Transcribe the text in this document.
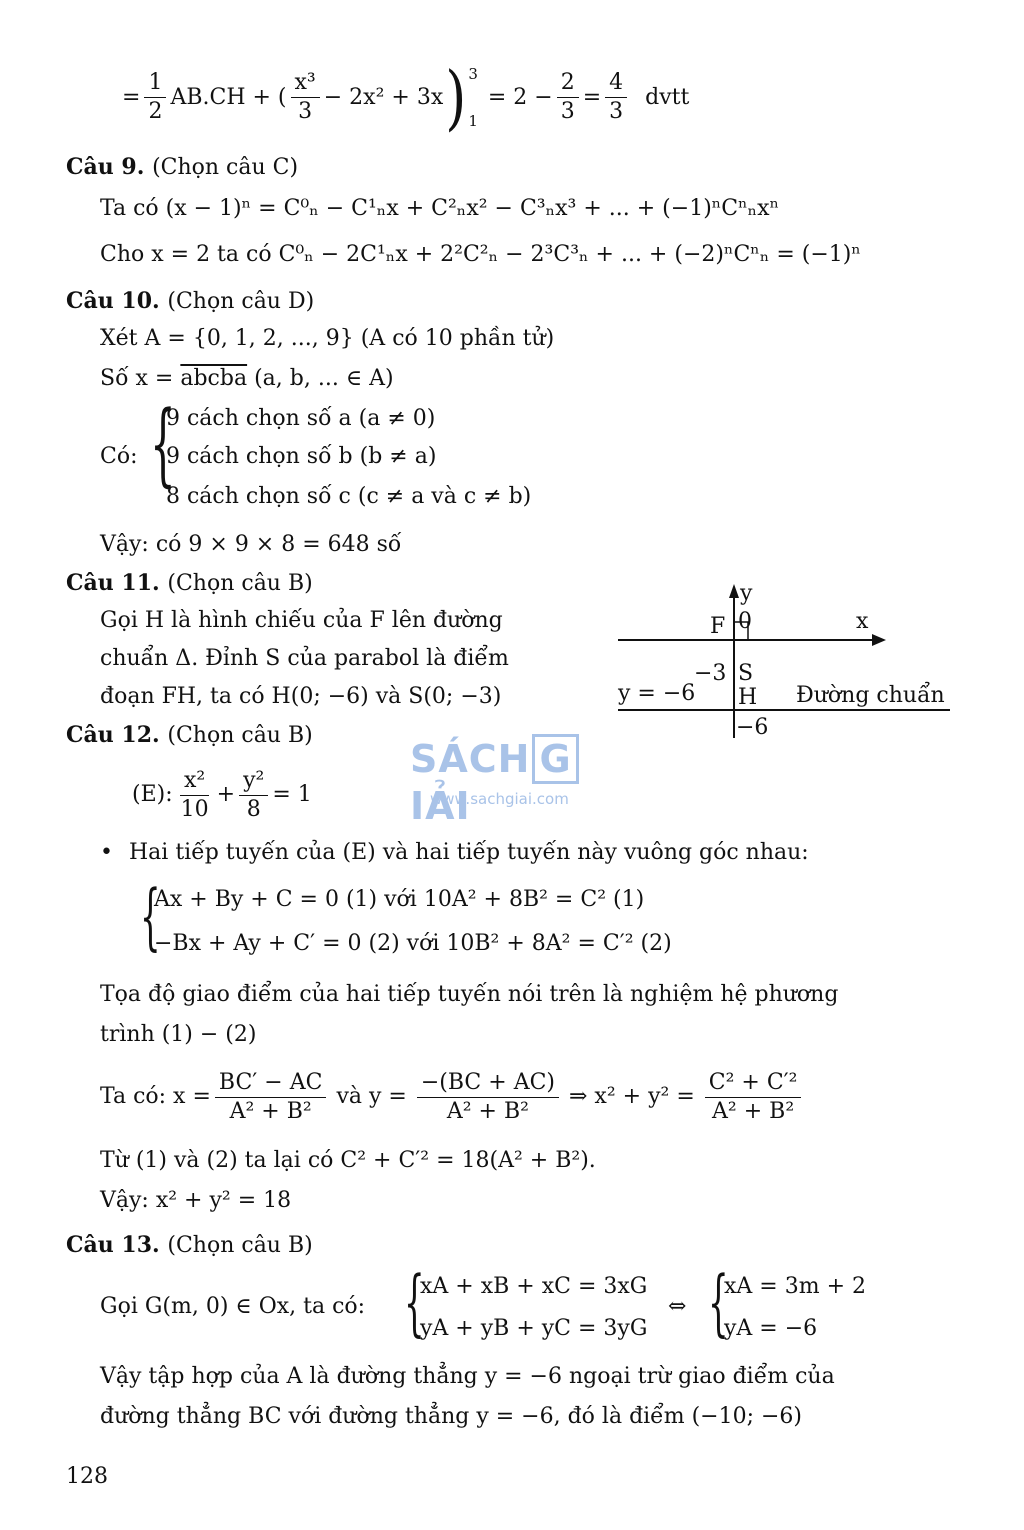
= $\frac{1}{2} AB.CH$ + ( $\frac{\text{x³}}{3} - 2x^2 + 3x$ ) 3
1
= $2 - \frac{2}{3} = \frac{4}{3}$ dvtt
Câu 9. (Chọn câu C)
Ta có (x − 1)ⁿ = C⁰ₙ − C¹ₙx + C²ₙx² − C³ₙx³ + ... + (−1)ⁿCⁿₙxⁿ
Cho x = 2 ta có C⁰ₙ − 2C¹ₙx + 2²C²ₙ − 2³C³ₙ + ... + (−2)ⁿCⁿₙ = (−1)ⁿ
Câu 10. (Chọn câu D)
Xét A = {0, 1, 2, ..., 9} (A có 10 phần tử)
Số x = abcba (a, b, ... ∈ A)
Có: {
9 cách chọn số a (a ≠ 0)
9 cách chọn số b (b ≠ a)
8 cách chọn số c (c ≠ a và c ≠ b)
Vậy: có 9 × 9 × 8 = 648 số
Câu 11. (Chọn câu B)
Gọi H là hình chiếu của F lên đường
chuẩn Δ. Đỉnh S của parabol là điểm
đoạn FH, ta có H(0; −6) và S(0; −3)
y
x
F 0
−3 S
H
−6
y = −6	Đường chuẩn
SÁCH GIẢI
www.sachgiai.com
Câu 12. (Chọn câu B)
(E): $\frac{\text{x²}}{10} + \frac{\text{y²}}{8} = 1$
• Hai tiếp tuyến của (E) và hai tiếp tuyến này vuông góc nhau:
{
Ax + By + C = 0 (1) với 10A² + 8B² = C² (1)
−Bx + Ay + C′ = 0 (2) với 10B² + 8A² = C′² (2)
Tọa độ giao điểm của hai tiếp tuyến nói trên là nghiệm hệ phương
trình (1) − (2)
Ta có: $x = \frac{BC' - AC}{\text{A² + B²}}$ và $y = \frac{-(BC + AC)}{\text{A² + B²}}$ ⇒ $x^2 + y^2 = \frac{\text{C² + C′²}}{\text{A² + B²}}$
Từ (1) và (2) ta lại có C² + C′² = 18(A² + B²).
Vậy: x² + y² = 18
Câu 13. (Chọn câu B)
Gọi G(m, 0) ∈ Ox, ta có: {
xA + xB + xC = 3xG
yA + yB + yC = 3yG
⇔ {
xA = 3m + 2
yA = −6
Vậy tập hợp của A là đường thẳng y = −6 ngoại trừ giao điểm của
đường thẳng BC với đường thẳng y = −6, đó là điểm (−10; −6)
128
